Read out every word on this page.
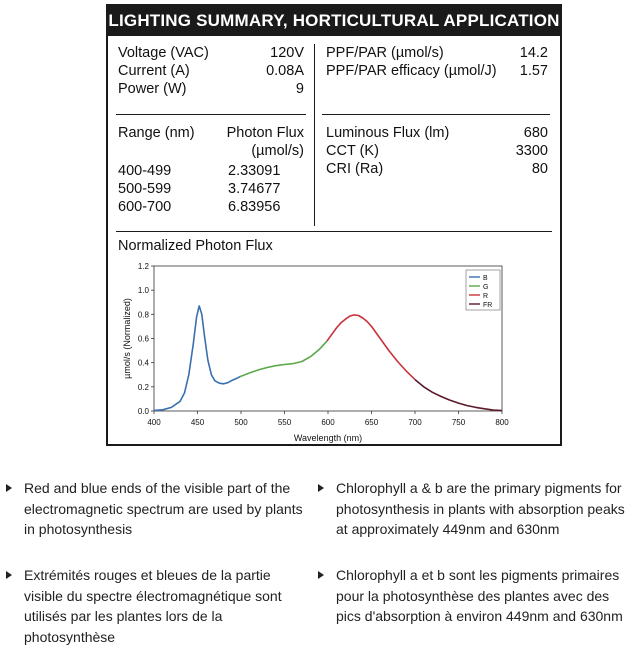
LIGHTING SUMMARY, HORTICULTURAL APPLICATION
Voltage (VAC)	120V
Current (A)	0.08A
Power (W)	9
PPF/PAR (µmol/s)	14.2
PPF/PAR efficacy (µmol/J) 1.57
Range (nm) Photon Flux
(µmol/s)
400-499	2.33091
500-599	3.74677
600-700	6.83956
Luminous Flux (lm)	680
CCT (K)	3300
CRI (Ra)	80
Normalized Photon Flux
400	450	500	550	600	650	700	750	800
0.0
0.2
0.4
0.6
0.8
1.0
1.2
Wavelength (nm)
µmol/s (Normalized)
B
G
R
FR
Red and blue ends of the visible part of the electromagnetic spectrum are used by plants in photosynthesis
Chlorophyll a & b are the primary pigments for photosynthesis in plants with absorption peaks at approximately 449nm and 630nm
Extrémités rouges et bleues de la partie visible du spectre électromagnétique sont utilisés par les plantes lors de la photosynthèse
Chlorophyll a et b sont les pigments primaires pour la photosynthèse des plantes avec des pics d'absorption à environ 449nm and 630nm
